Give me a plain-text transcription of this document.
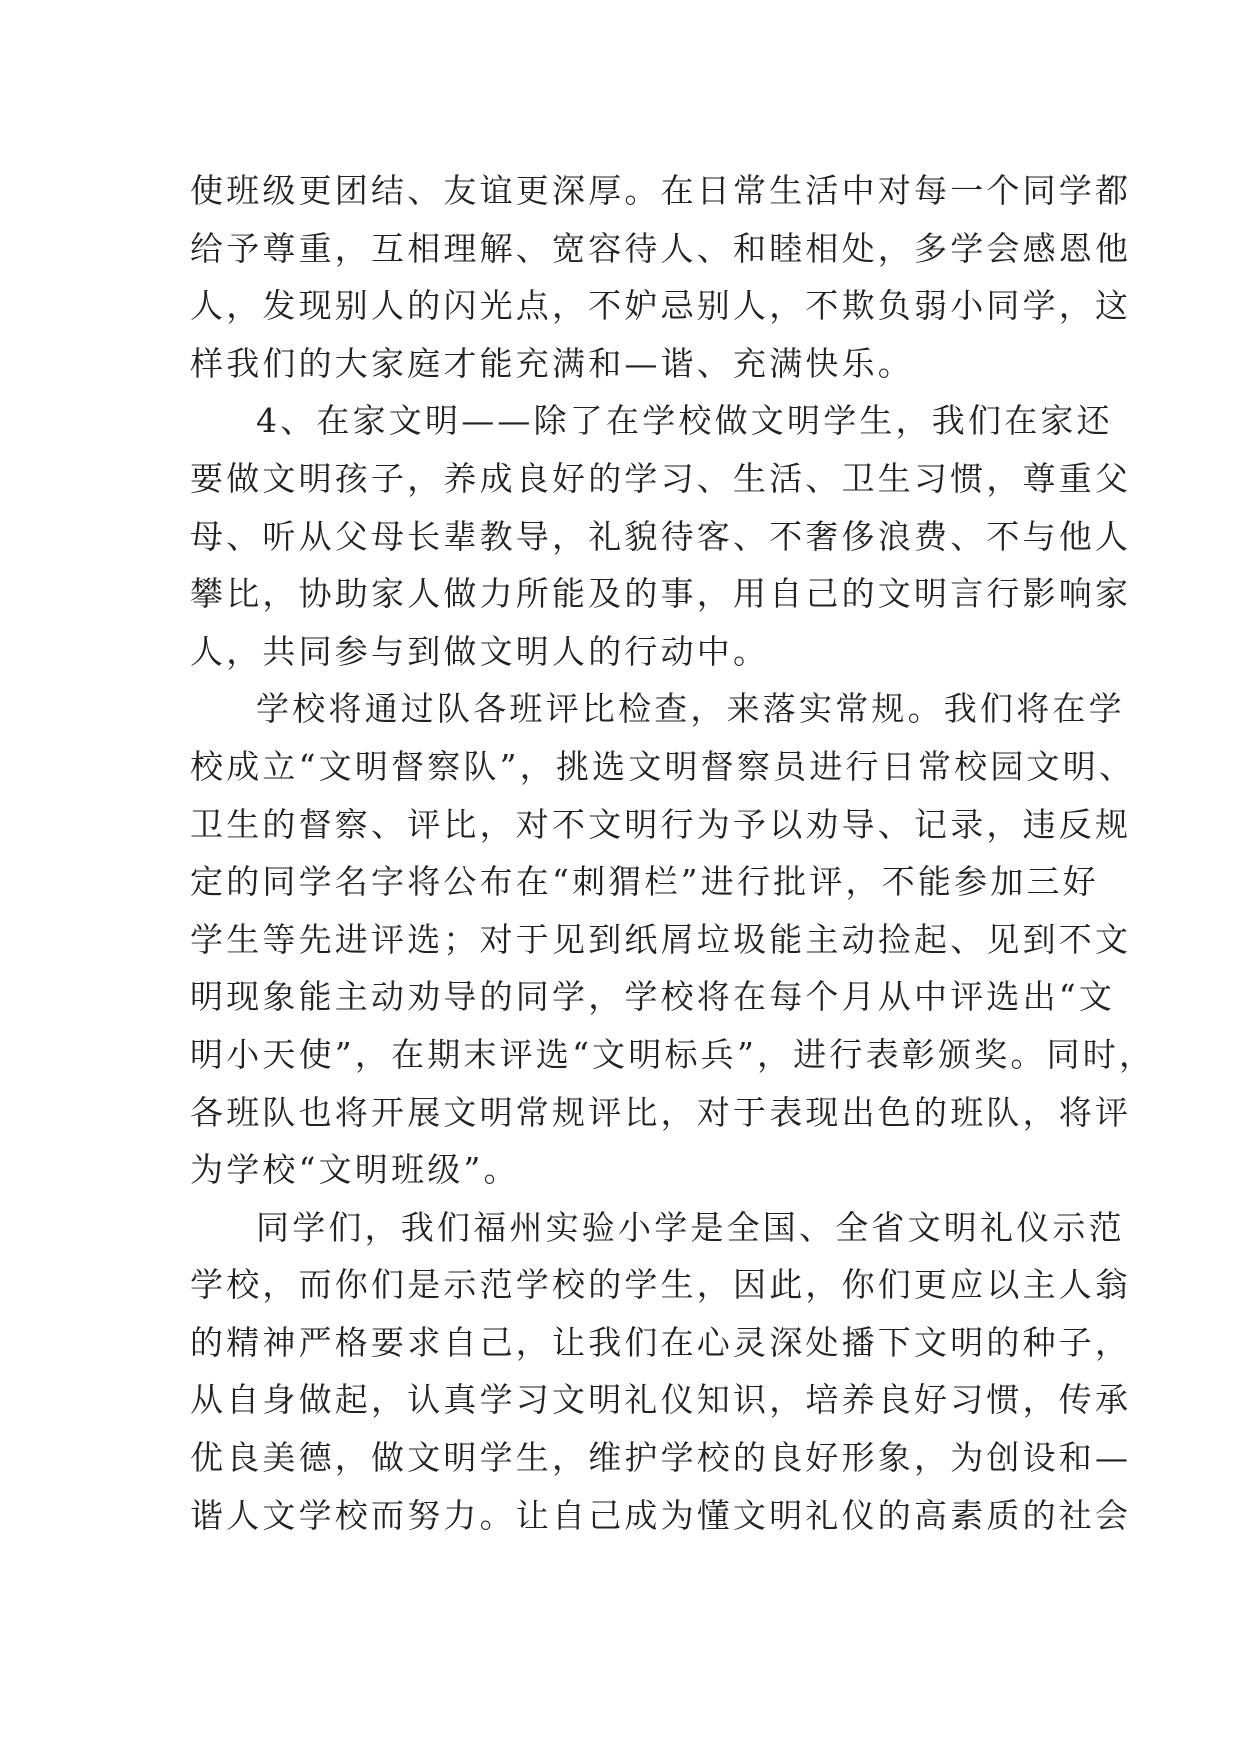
使班级更团结、友谊更深厚。在日常生活中对每一个同学都
给予尊重，互相理解、宽容待人、和睦相处，多学会感恩他
人，发现别人的闪光点，不妒忌别人，不欺负弱小同学，这
样我们的大家庭才能充满和—谐、充满快乐。
4、在家文明——除了在学校做文明学生，我们在家还
要做文明孩子，养成良好的学习、生活、卫生习惯，尊重父
母、听从父母长辈教导，礼貌待客、不奢侈浪费、不与他人
攀比，协助家人做力所能及的事，用自己的文明言行影响家
人，共同参与到做文明人的行动中。
学校将通过队各班评比检查，来落实常规。我们将在学
校成立“文明督察队”，挑选文明督察员进行日常校园文明、
卫生的督察、评比，对不文明行为予以劝导、记录，违反规
定的同学名字将公布在“刺猬栏”进行批评，不能参加三好
学生等先进评选；对于见到纸屑垃圾能主动捡起、见到不文
明现象能主动劝导的同学，学校将在每个月从中评选出“文
明小天使”，在期末评选“文明标兵”，进行表彰颁奖。同时，
各班队也将开展文明常规评比，对于表现出色的班队，将评
为学校“文明班级”。
同学们，我们福州实验小学是全国、全省文明礼仪示范
学校，而你们是示范学校的学生，因此，你们更应以主人翁
的精神严格要求自己，让我们在心灵深处播下文明的种子，
从自身做起，认真学习文明礼仪知识，培养良好习惯，传承
优良美德，做文明学生，维护学校的良好形象，为创设和—
谐人文学校而努力。让自己成为懂文明礼仪的高素质的社会
